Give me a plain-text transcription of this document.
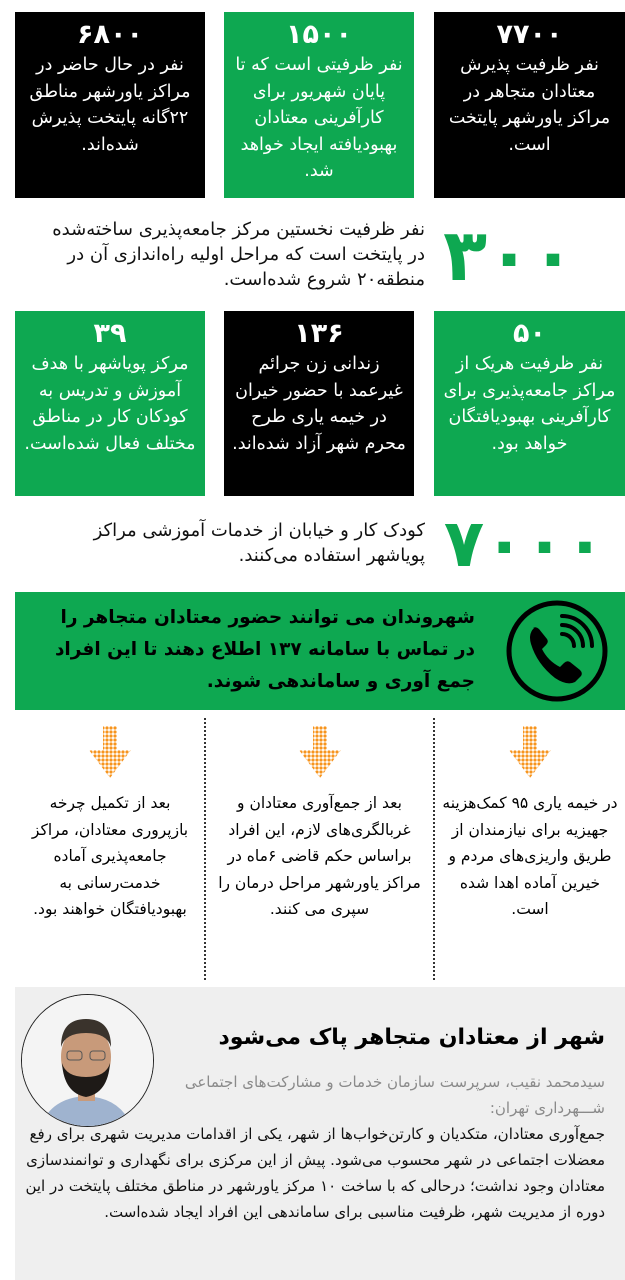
۷۷۰۰
نفر ظرفیت پذیرش معتادان متجاهر در مراکز یاورشهر پایتخت است.
۱۵۰۰
نفر ظرفیتی است که تا پایان شهریور برای کارآفرینی معتادان بهبودیافته ایجاد خواهد شد.
۶۸۰۰
نفر در حال حاضر در مراکز یاورشهر مناطق ۲۲گانه پایتخت پذیرش شده‌اند.
۳۰۰
نفر ظرفیت نخستین مرکز جامعه‌پذیری ساخته‌شده در پایتخت است که مراحل اولیه راه‌اندازی آن در منطقه۲۰ شروع شده‌است.
۵۰
نفر ظرفیت هریک از مراکز جامعه‌پذیری برای کارآفرینی بهبودیافتگان خواهد بود.
۱۳۶
زندانی زن جرائم غیرعمد با حضور خیران در خیمه یاری طرح محرم شهر آزاد شده‌اند.
۳۹
مرکز پویاشهر با هدف آموزش و تدریس به کودکان کار در مناطق مختلف فعال شده‌است.
۷۰۰۰
کودک کار و خیابان از خدمات آموزشی مراکز پویاشهر استفاده می‌کنند.
شهروندان می توانند حضور معتادان متجاهر را در تماس با سامانه ۱۳۷ اطلاع دهند تا این افراد جمع آوری و ساماندهی شوند.
در خیمه یاری ۹۵ کمک‌هزینه جهیزیه برای نیازمندان از طریق واریزی‌های مردم و خیرین آماده اهدا شده است.
بعد از جمع‌آوری معتادان و غربالگری‌های لازم، این افراد براساس حکم قاضی ۶ماه در مراکز یاورشهر مراحل درمان را سپری می کنند.
بعد از تکمیل چرخه بازپروری معتادان، مراکز جامعه‌پذیری آماده خدمت‌رسانی به بهبودیافتگان خواهند بود.
شهر از معتادان متجاهر پاک می‌شود
سیدمحمد نقیب، سرپرست سازمان خدمات و مشارکت‌های اجتماعی شـــهرداری تهران:
جمع‌آوری معتادان، متکدیان و کارتن‌خواب‌ها از شهر، یکی از اقدامات مدیریت شهری برای رفع معضلات اجتماعی در شهر محسوب می‌شود. پیش از این مرکزی برای نگهداری و توانمندسازی معتادان وجود نداشت؛ درحالی که با ساخت ۱۰ مرکز یاورشهر در مناطق مختلف پایتخت در این دوره از مدیریت شهر، ظرفیت مناسبی برای ساماندهی این افراد ایجاد شده‌است.
